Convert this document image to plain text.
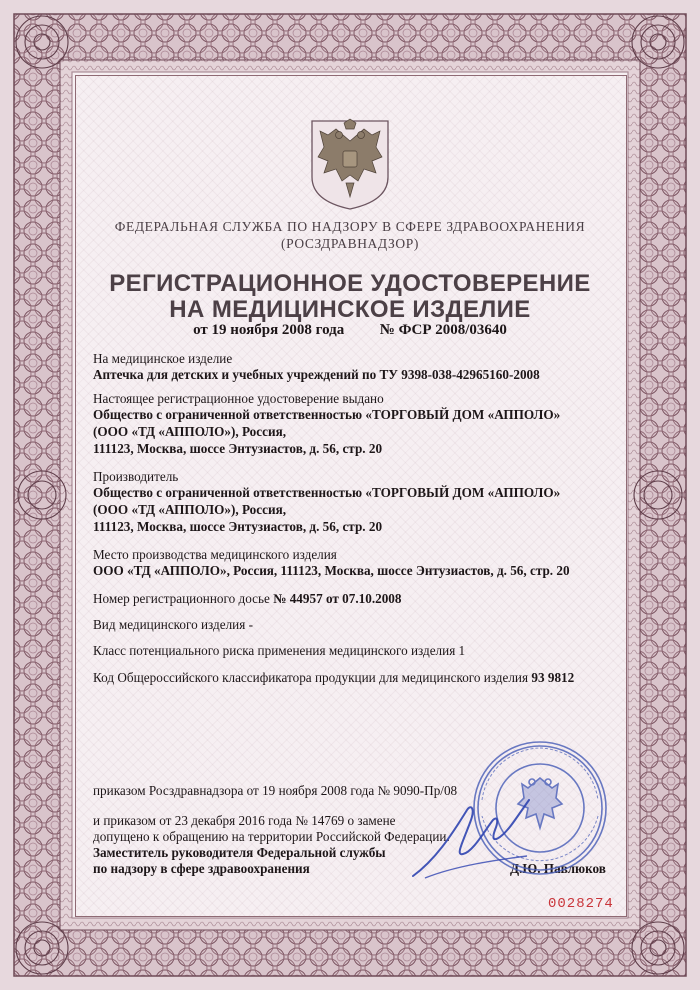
ФЕДЕРАЛЬНАЯ СЛУЖБА ПО НАДЗОРУ В СФЕРЕ ЗДРАВООХРАНЕНИЯ
(РОСЗДРАВНАДЗОР)
РЕГИСТРАЦИОННОЕ УДОСТОВЕРЕНИЕ
НА МЕДИЦИНСКОЕ ИЗДЕЛИЕ
от 19 ноября 2008 года № ФСР 2008/03640
На медицинское изделие
Аптечка для детских и учебных учреждений по ТУ 9398-038-42965160-2008
Настоящее регистрационное удостоверение выдано
Общество с ограниченной ответственностью «ТОРГОВЫЙ ДОМ «АППОЛО»
(ООО «ТД «АППОЛО»), Россия,
111123, Москва, шоссе Энтузиастов, д. 56, стр. 20
Производитель
Общество с ограниченной ответственностью «ТОРГОВЫЙ ДОМ «АППОЛО»
(ООО «ТД «АППОЛО»), Россия,
111123, Москва, шоссе Энтузиастов, д. 56, стр. 20
Место производства медицинского изделия
ООО «ТД «АППОЛО», Россия, 111123, Москва, шоссе Энтузиастов, д. 56, стр. 20
Номер регистрационного досье № 44957 от 07.10.2008
Вид медицинского изделия -
Класс потенциального риска применения медицинского изделия 1
Код Общероссийского классификатора продукции для медицинского изделия 93 9812
приказом Росздравнадзора от 19 ноября 2008 года № 9090-Пр/08
и приказом от 23 декабря 2016 года № 14769 о замене
допущено к обращению на территории Российской Федерации.
Заместитель руководителя Федеральной службы
по надзору в сфере здравоохранения	Д.Ю. Павлюков
0028274
